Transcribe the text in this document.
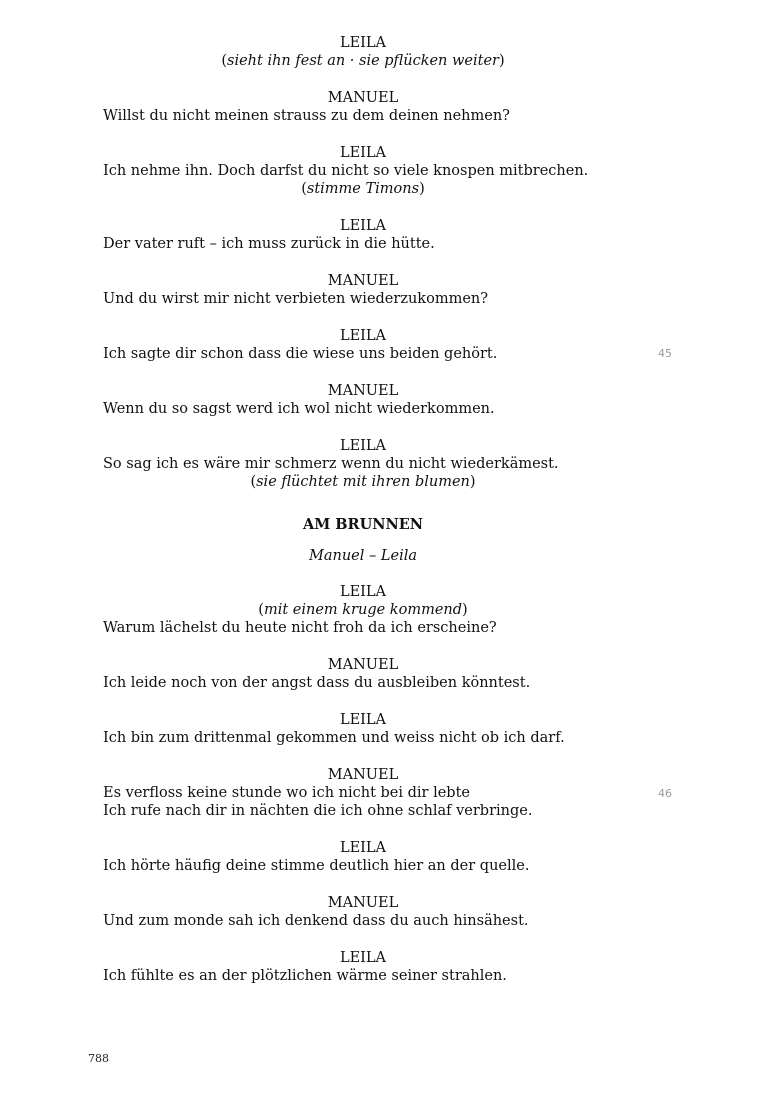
LEILA
(sieht ihn fest an · sie pflücken weiter)
MANUEL
Willst du nicht meinen strauss zu dem deinen nehmen?
LEILA
Ich nehme ihn. Doch darfst du nicht so viele knospen mitbrechen.
(stimme Timons)
LEILA
Der vater ruft – ich muss zurück in die hütte.
MANUEL
Und du wirst mir nicht verbieten wiederzukommen?
LEILA
Ich sagte dir schon dass die wiese uns beiden gehört.	45
MANUEL
Wenn du so sagst werd ich wol nicht wiederkommen.
LEILA
So sag ich es wäre mir schmerz wenn du nicht wiederkämest.
(sie flüchtet mit ihren blumen)
AM BRUNNEN
Manuel – Leila
LEILA
(mit einem kruge kommend)
Warum lächelst du heute nicht froh da ich erscheine?
MANUEL
Ich leide noch von der angst dass du ausbleiben könntest.
LEILA
Ich bin zum drittenmal gekommen und weiss nicht ob ich darf.
MANUEL
Es verfloss keine stunde wo ich nicht bei dir lebte	46
Ich rufe nach dir in nächten die ich ohne schlaf verbringe.
LEILA
Ich hörte häufig deine stimme deutlich hier an der quelle.
MANUEL
Und zum monde sah ich denkend dass du auch hinsähest.
LEILA
Ich fühlte es an der plötzlichen wärme seiner strahlen.
788
